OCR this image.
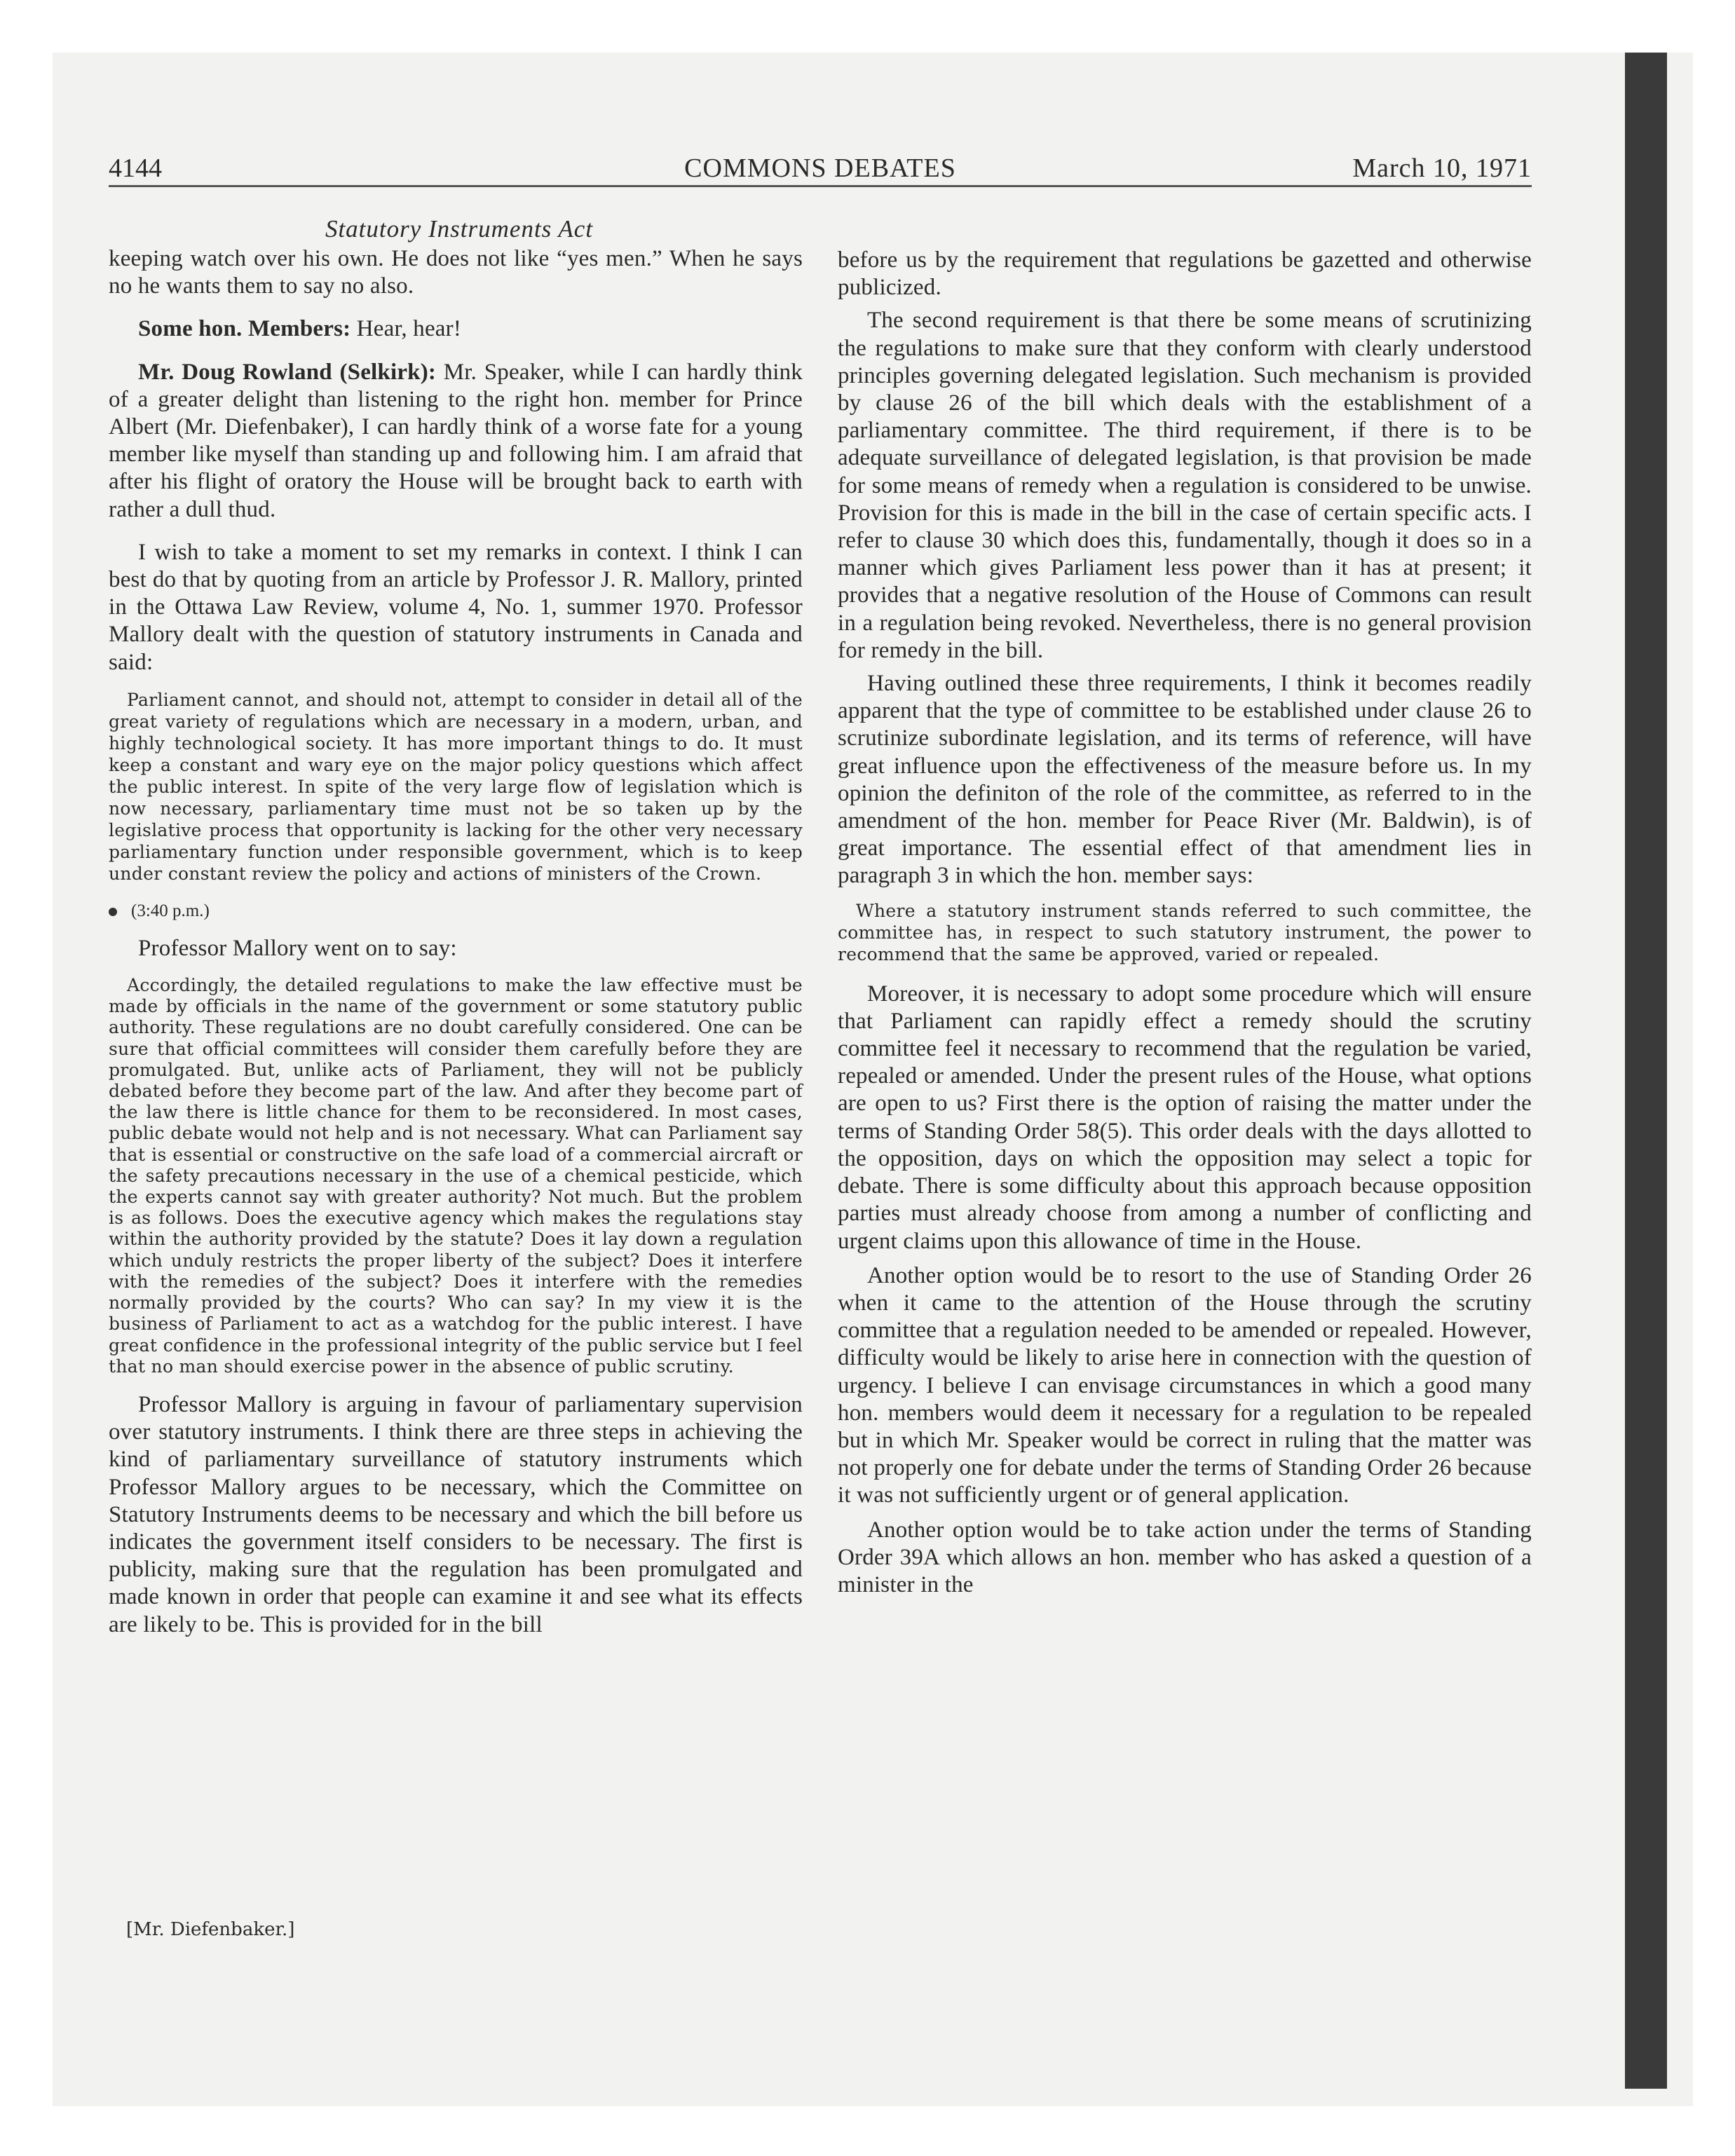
4144	COMMONS DEBATES	March 10, 1971
Statutory Instruments Act

keeping watch over his own. He does not like “yes men.” When he says no he wants them to say no also.

Some hon. Members: Hear, hear!

Mr. Doug Rowland (Selkirk): Mr. Speaker, while I can hardly think of a greater delight than listening to the right hon. member for Prince Albert (Mr. Diefenbaker), I can hardly think of a worse fate for a young member like myself than standing up and following him. I am afraid that after his flight of oratory the House will be brought back to earth with rather a dull thud.

I wish to take a moment to set my remarks in context. I think I can best do that by quoting from an article by Professor J. R. Mallory, printed in the Ottawa Law Review, volume 4, No. 1, summer 1970. Professor Mallory dealt with the question of statutory instruments in Canada and said:

Parliament cannot, and should not, attempt to consider in detail all of the great variety of regulations which are necessary in a modern, urban, and highly technological society. It has more important things to do. It must keep a constant and wary eye on the major policy questions which affect the public interest. In spite of the very large flow of legislation which is now necessary, parliamentary time must not be so taken up by the legislative process that opportunity is lacking for the other very necessary parliamentary function under responsible government, which is to keep under constant review the policy and actions of ministers of the Crown.

(3:40 p.m.)

Professor Mallory went on to say:

Accordingly, the detailed regulations to make the law effective must be made by officials in the name of the government or some statutory public authority. These regulations are no doubt carefully considered. One can be sure that official committees will consider them carefully before they are promulgated. But, unlike acts of Parliament, they will not be publicly debated before they become part of the law. And after they become part of the law there is little chance for them to be reconsidered. In most cases, public debate would not help and is not necessary. What can Parliament say that is essential or constructive on the safe load of a commercial aircraft or the safety precautions necessary in the use of a chemical pesticide, which the experts cannot say with greater authority? Not much. But the problem is as follows. Does the executive agency which makes the regulations stay within the authority provided by the statute? Does it lay down a regulation which unduly restricts the proper liberty of the subject? Does it interfere with the remedies of the subject? Does it interfere with the remedies normally provided by the courts? Who can say? In my view it is the business of Parliament to act as a watchdog for the public interest. I have great confidence in the professional integrity of the public service but I feel that no man should exercise power in the absence of public scrutiny.

Professor Mallory is arguing in favour of parliamentary supervision over statutory instruments. I think there are three steps in achieving the kind of parliamentary surveillance of statutory instruments which Professor Mallory argues to be necessary, which the Committee on Statutory Instruments deems to be necessary and which the bill before us indicates the government itself considers to be necessary. The first is publicity, making sure that the regulation has been promulgated and made known in order that people can examine it and see what its effects are likely to be. This is provided for in the bill

before us by the requirement that regulations be gazetted and otherwise publicized.

The second requirement is that there be some means of scrutinizing the regulations to make sure that they conform with clearly understood principles governing delegated legislation. Such mechanism is provided by clause 26 of the bill which deals with the establishment of a parliamentary committee. The third requirement, if there is to be adequate surveillance of delegated legislation, is that provision be made for some means of remedy when a regulation is considered to be unwise. Provision for this is made in the bill in the case of certain specific acts. I refer to clause 30 which does this, fundamentally, though it does so in a manner which gives Parliament less power than it has at present; it provides that a negative resolution of the House of Commons can result in a regulation being revoked. Nevertheless, there is no general provision for remedy in the bill.

Having outlined these three requirements, I think it becomes readily apparent that the type of committee to be established under clause 26 to scrutinize subordinate legislation, and its terms of reference, will have great influence upon the effectiveness of the measure before us. In my opinion the definiton of the role of the committee, as referred to in the amendment of the hon. member for Peace River (Mr. Baldwin), is of great importance. The essential effect of that amendment lies in paragraph 3 in which the hon. member says:

Where a statutory instrument stands referred to such committee, the committee has, in respect to such statutory instrument, the power to recommend that the same be approved, varied or repealed.

Moreover, it is necessary to adopt some procedure which will ensure that Parliament can rapidly effect a remedy should the scrutiny committee feel it necessary to recommend that the regulation be varied, repealed or amended. Under the present rules of the House, what options are open to us? First there is the option of raising the matter under the terms of Standing Order 58(5). This order deals with the days allotted to the opposition, days on which the opposition may select a topic for debate. There is some difficulty about this approach because opposition parties must already choose from among a number of conflicting and urgent claims upon this allowance of time in the House.

Another option would be to resort to the use of Standing Order 26 when it came to the attention of the House through the scrutiny committee that a regulation needed to be amended or repealed. However, difficulty would be likely to arise here in connection with the question of urgency. I believe I can envisage circumstances in which a good many hon. members would deem it necessary for a regulation to be repealed but in which Mr. Speaker would be correct in ruling that the matter was not properly one for debate under the terms of Standing Order 26 because it was not sufficiently urgent or of general application.

Another option would be to take action under the terms of Standing Order 39A which allows an hon. member who has asked a question of a minister in the

[Mr. Diefenbaker.]
